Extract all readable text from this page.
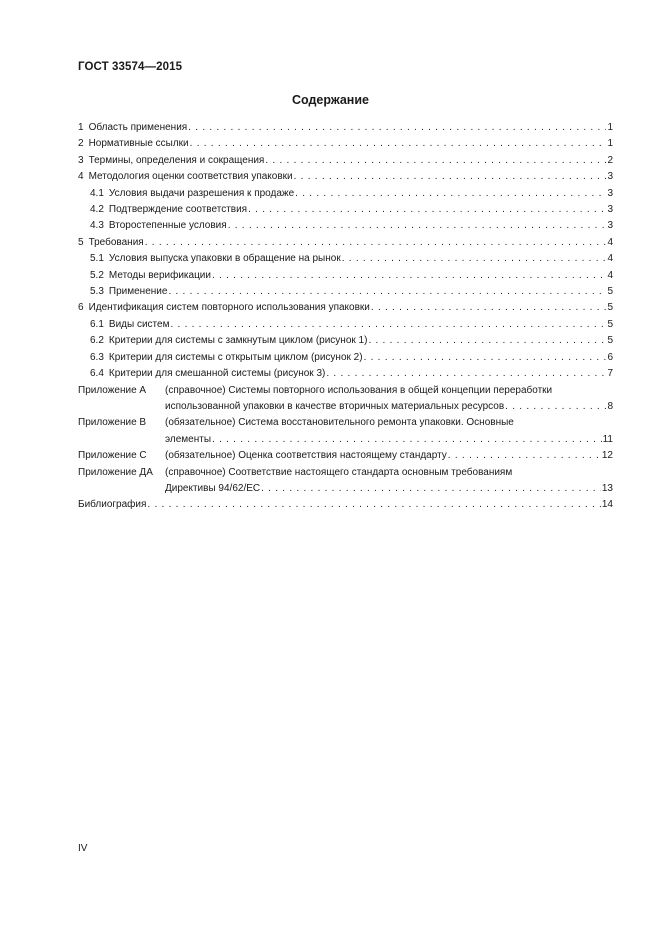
ГОСТ 33574—2015
Содержание
1 Область применения . . .	1
2 Нормативные ссылки . . .	1
3 Термины, определения и сокращения . . .	2
4 Методология оценки соответствия упаковки . . .	3
4.1 Условия выдачи разрешения к продаже . . .	3
4.2 Подтверждение соответствия . . .	3
4.3 Второстепенные условия . . .	3
5 Требования . . .	4
5.1 Условия выпуска упаковки в обращение на рынок . . .	4
5.2 Методы верификации . . .	4
5.3 Применение . . .	5
6 Идентификация систем повторного использования упаковки . . .	5
6.1 Виды систем . . .	5
6.2 Критерии для системы с замкнутым циклом (рисунок 1) . . .	5
6.3 Критерии для системы с открытым циклом (рисунок 2) . . .	6
6.4 Критерии для смешанной системы (рисунок 3) . . .	7
Приложение А	(справочное) Системы повторного использования в общей концепции переработки
использованной упаковки в качестве вторичных материальных ресурсов . . .	8
Приложение В	(обязательное) Система восстановительного ремонта упаковки. Основные
элементы . . .	11
Приложение С	(обязательное) Оценка соответствия настоящему стандарту . . .	12
Приложение ДА	(справочное) Соответствие настоящего стандарта основным требованиям
Директивы 94/62/ЕС . . .	13
Библиография . . .	14
IV
